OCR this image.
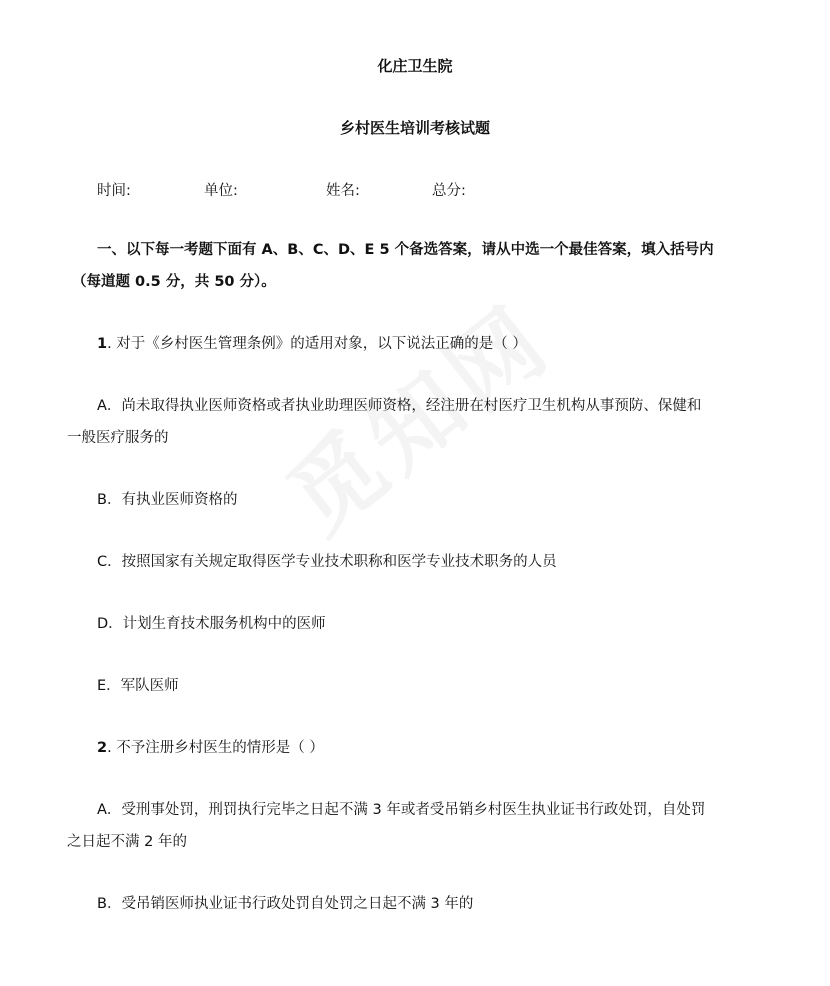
化庄卫生院
乡村医生培训考核试题
时间:	单位:	姓名:	总分:
一、以下每一考题下面有 A、B、C、D、E 5 个备选答案，请从中选一个最佳答案，填入括号内
（每道题 0.5 分，共 50 分）。
1. 对于《乡村医生管理条例》的适用对象，以下说法正确的是（ ）
A．尚未取得执业医师资格或者执业助理医师资格，经注册在村医疗卫生机构从事预防、保健和
一般医疗服务的
B．有执业医师资格的
C．按照国家有关规定取得医学专业技术职称和医学专业技术职务的人员
D．计划生育技术服务机构中的医师
E．军队医师
2. 不予注册乡村医生的情形是（ ）
A．受刑事处罚，刑罚执行完毕之日起不满 3 年或者受吊销乡村医生执业证书行政处罚，自处罚
之日起不满 2 年的
B．受吊销医师执业证书行政处罚自处罚之日起不满 3 年的
